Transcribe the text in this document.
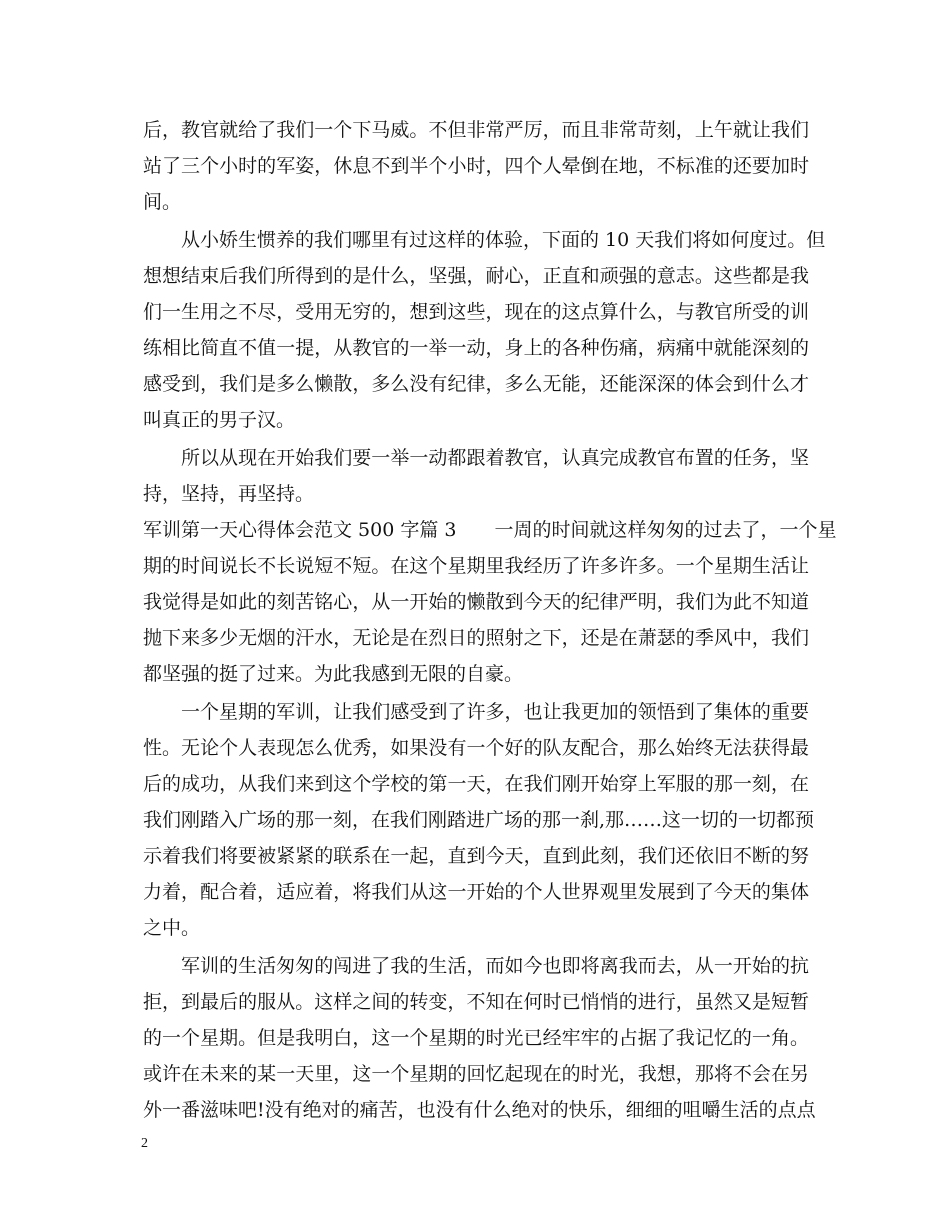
后，教官就给了我们一个下马威。不但非常严厉，而且非常苛刻，上午就让我们
站了三个小时的军姿，休息不到半个小时，四个人晕倒在地，不标准的还要加时
间。
从小娇生惯养的我们哪里有过这样的体验，下面的 10 天我们将如何度过。但
想想结束后我们所得到的是什么，坚强，耐心，正直和顽强的意志。这些都是我
们一生用之不尽，受用无穷的，想到这些，现在的这点算什么，与教官所受的训
练相比简直不值一提，从教官的一举一动，身上的各种伤痛，病痛中就能深刻的
感受到，我们是多么懒散，多么没有纪律，多么无能，还能深深的体会到什么才
叫真正的男子汉。
所以从现在开始我们要一举一动都跟着教官，认真完成教官布置的任务，坚
持，坚持，再坚持。
军训第一天心得体会范文 500 字篇 3　　一周的时间就这样匆匆的过去了，一个星
期的时间说长不长说短不短。在这个星期里我经历了许多许多。一个星期生活让
我觉得是如此的刻苦铭心，从一开始的懒散到今天的纪律严明，我们为此不知道
抛下来多少无烟的汗水，无论是在烈日的照射之下，还是在萧瑟的季风中，我们
都坚强的挺了过来。为此我感到无限的自豪。
一个星期的军训，让我们感受到了许多，也让我更加的领悟到了集体的重要
性。无论个人表现怎么优秀，如果没有一个好的队友配合，那么始终无法获得最
后的成功，从我们来到这个学校的第一天，在我们刚开始穿上军服的那一刻，在
我们刚踏入广场的那一刻，在我们刚踏进广场的那一刹,那……这一切的一切都预
示着我们将要被紧紧的联系在一起，直到今天，直到此刻，我们还依旧不断的努
力着，配合着，适应着，将我们从这一开始的个人世界观里发展到了今天的集体
之中。
军训的生活匆匆的闯进了我的生活，而如今也即将离我而去，从一开始的抗
拒，到最后的服从。这样之间的转变，不知在何时已悄悄的进行，虽然又是短暂
的一个星期。但是我明白，这一个星期的时光已经牢牢的占据了我记忆的一角。
或许在未来的某一天里，这一个星期的回忆起现在的时光，我想，那将不会在另
外一番滋味吧!没有绝对的痛苦，也没有什么绝对的快乐，细细的咀嚼生活的点点
2
